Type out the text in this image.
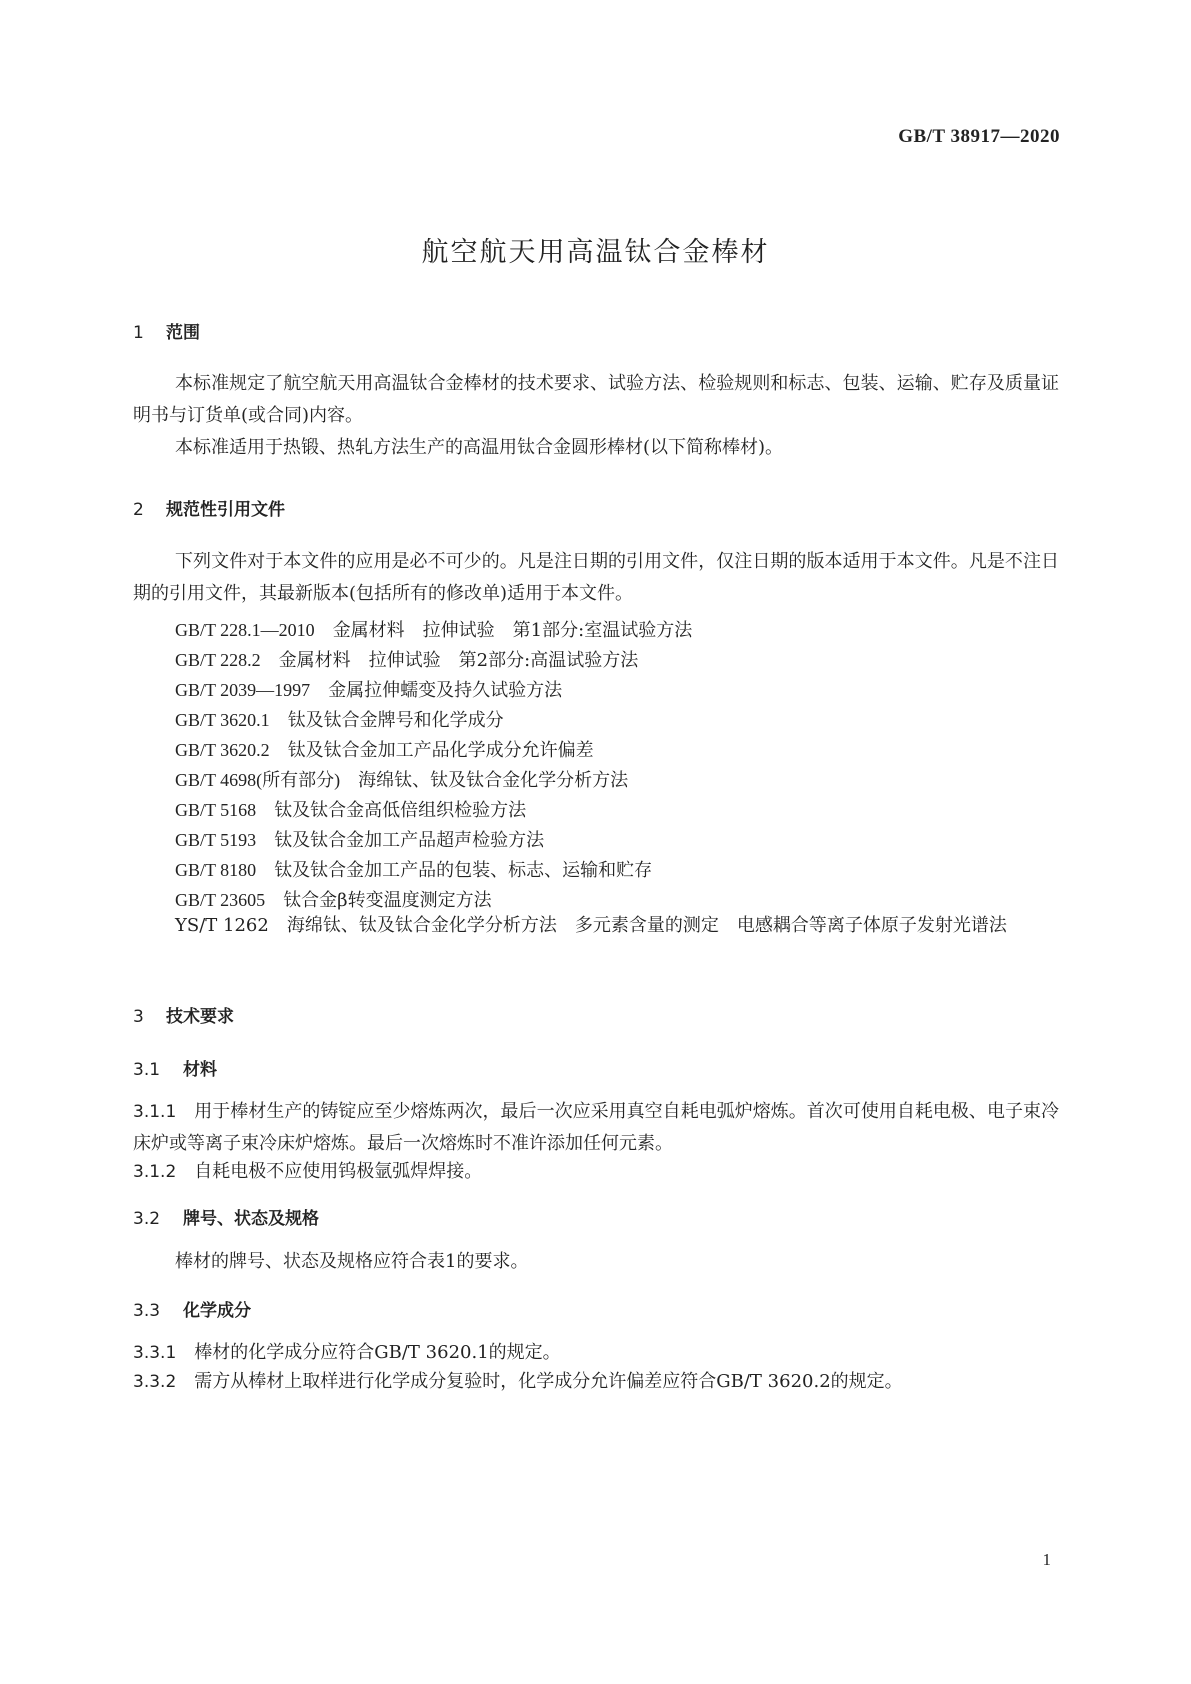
GB/T 38917—2020
航空航天用高温钛合金棒材
1 范围

本标准规定了航空航天用高温钛合金棒材的技术要求、试验方法、检验规则和标志、包装、运输、贮存及质量证明书与订货单(或合同)内容。

本标准适用于热锻、热轧方法生产的高温用钛合金圆形棒材(以下简称棒材)。

2 规范性引用文件

下列文件对于本文件的应用是必不可少的。凡是注日期的引用文件，仅注日期的版本适用于本文件。凡是不注日期的引用文件，其最新版本(包括所有的修改单)适用于本文件。

GB/T 228.1—2010 金属材料　拉伸试验　第1部分:室温试验方法
GB/T 228.2 金属材料　拉伸试验　第2部分:高温试验方法
GB/T 2039—1997 金属拉伸蠕变及持久试验方法
GB/T 3620.1 钛及钛合金牌号和化学成分
GB/T 3620.2 钛及钛合金加工产品化学成分允许偏差
GB/T 4698(所有部分) 海绵钛、钛及钛合金化学分析方法
GB/T 5168 钛及钛合金高低倍组织检验方法
GB/T 5193 钛及钛合金加工产品超声检验方法
GB/T 8180 钛及钛合金加工产品的包装、标志、运输和贮存
GB/T 23605 钛合金β转变温度测定方法

YS/T 1262 海绵钛、钛及钛合金化学分析方法　多元素含量的测定　电感耦合等离子体原子发射光谱法

3 技术要求
3.1 材料

3.1.1 用于棒材生产的铸锭应至少熔炼两次，最后一次应采用真空自耗电弧炉熔炼。首次可使用自耗电极、电子束冷床炉或等离子束冷床炉熔炼。最后一次熔炼时不准许添加任何元素。

3.1.2 自耗电极不应使用钨极氩弧焊焊接。

3.2 牌号、状态及规格

棒材的牌号、状态及规格应符合表1的要求。

3.3 化学成分

3.3.1 棒材的化学成分应符合GB/T 3620.1的规定。

3.3.2 需方从棒材上取样进行化学成分复验时，化学成分允许偏差应符合GB/T 3620.2的规定。

1
